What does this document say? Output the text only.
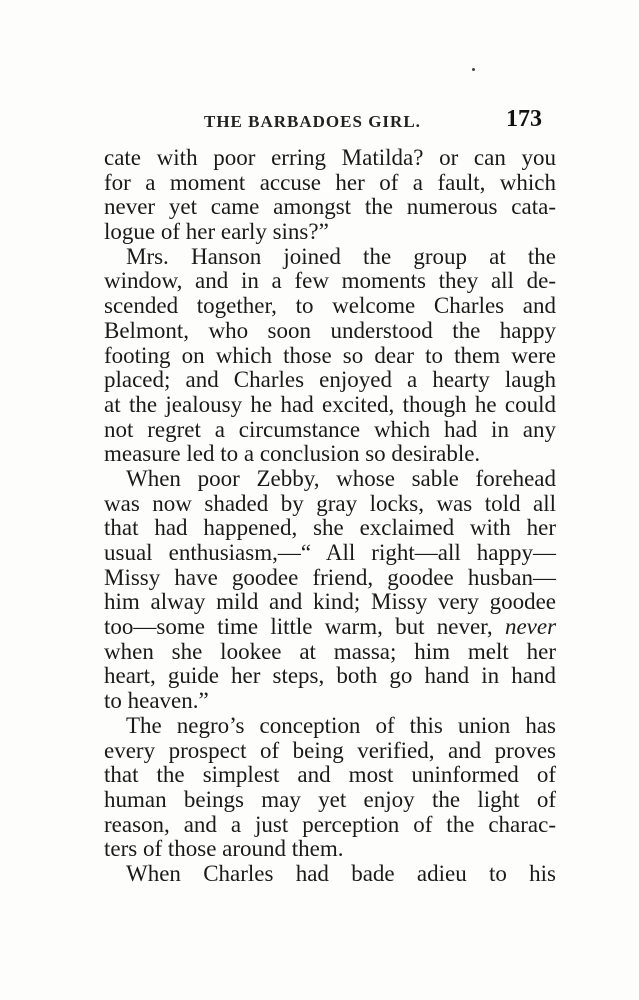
THE BARBADOES GIRL.	173
cate with poor erring Matilda? or can you
for a moment accuse her of a fault, which
never yet came amongst the numerous cata-
logue of her early sins?”
Mrs. Hanson joined the group at the
window, and in a few moments they all de-
scended together, to welcome Charles and
Belmont, who soon understood the happy
footing on which those so dear to them were
placed; and Charles enjoyed a hearty laugh
at the jealousy he had excited, though he could
not regret a circumstance which had in any
measure led to a conclusion so desirable.
When poor Zebby, whose sable forehead
was now shaded by gray locks, was told all
that had happened, she exclaimed with her
usual enthusiasm,—“ All right—all happy—
Missy have goodee friend, goodee husban—
him alway mild and kind; Missy very goodee
too—some time little warm, but never, never
when she lookee at massa; him melt her
heart, guide her steps, both go hand in hand
to heaven.”
The negro’s conception of this union has
every prospect of being verified, and proves
that the simplest and most uninformed of
human beings may yet enjoy the light of
reason, and a just perception of the charac-
ters of those around them.
When Charles had bade adieu to his
